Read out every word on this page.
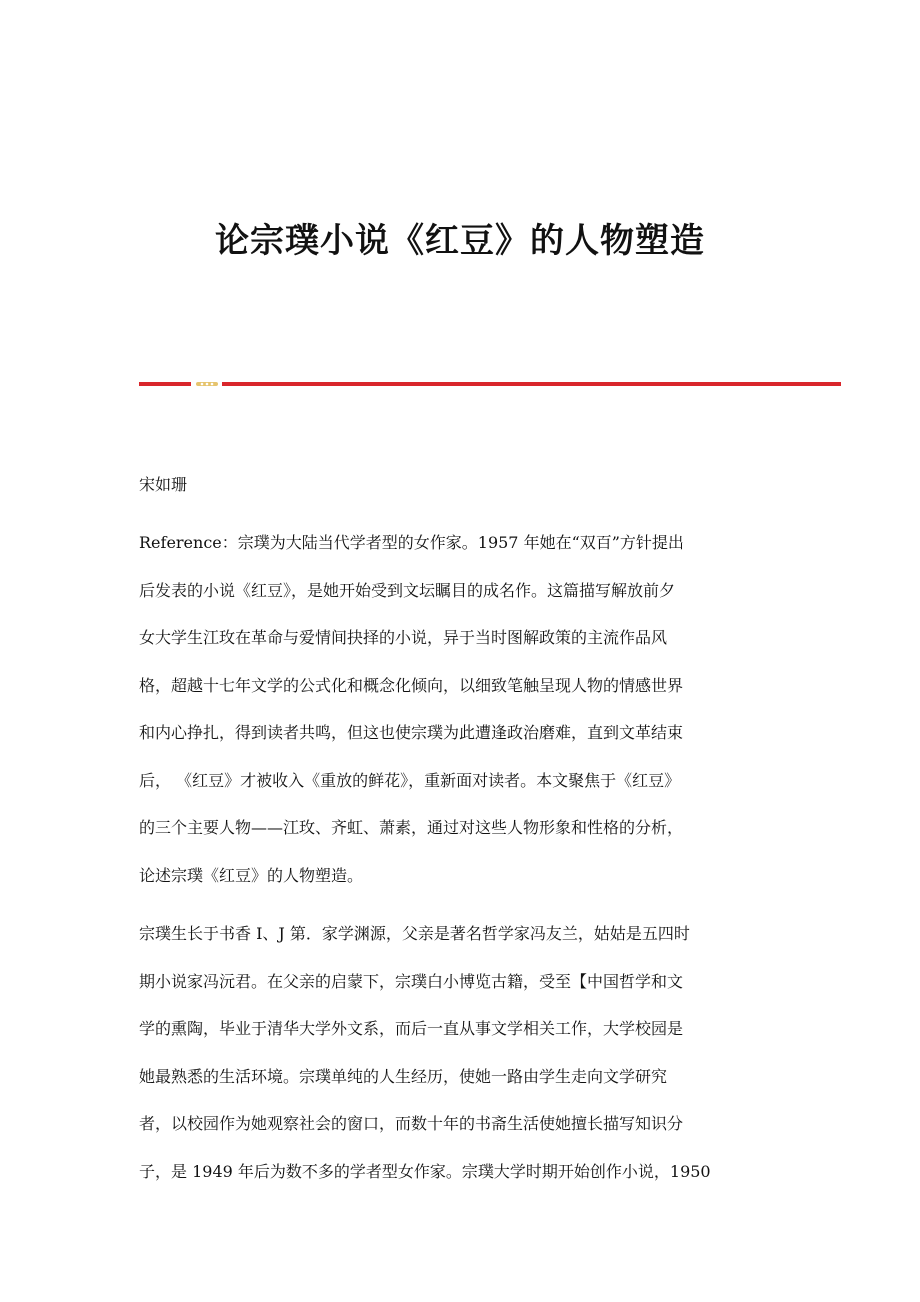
论宗璞小说《红豆》的人物塑造
宋如珊
Reference：宗璞为大陆当代学者型的女作家。1957 年她在“双百”方针提出
后发表的小说《红豆》，是她开始受到文坛瞩目的成名作。这篇描写解放前夕
女大学生江玫在革命与爱情间抉择的小说，异于当时图解政策的主流作品风
格，超越十七年文学的公式化和概念化倾向，以细致笔触呈现人物的情感世界
和内心挣扎，得到读者共鸣，但这也使宗璞为此遭逢政治磨难，直到文革结束
后， 《红豆》才被收入《重放的鲜花》，重新面对读者。本文聚焦于《红豆》
的三个主要人物——江玫、齐虹、萧素，通过对这些人物形象和性格的分析，
论述宗璞《红豆》的人物塑造。
宗璞生长于书香 I、J 第．家学渊源，父亲是著名哲学家冯友兰，姑姑是五四时
期小说家冯沅君。在父亲的启蒙下，宗璞白小博览古籍，受至【中国哲学和文
学的熏陶，毕业于清华大学外文系，而后一直从事文学相关工作，大学校园是
她最熟悉的生活环境。宗璞单纯的人生经历，使她一路由学生走向文学研究
者，以校园作为她观察社会的窗口，而数十年的书斋生活使她擅长描写知识分
子，是 1949 年后为数不多的学者型女作家。宗璞大学时期开始创作小说，1950
